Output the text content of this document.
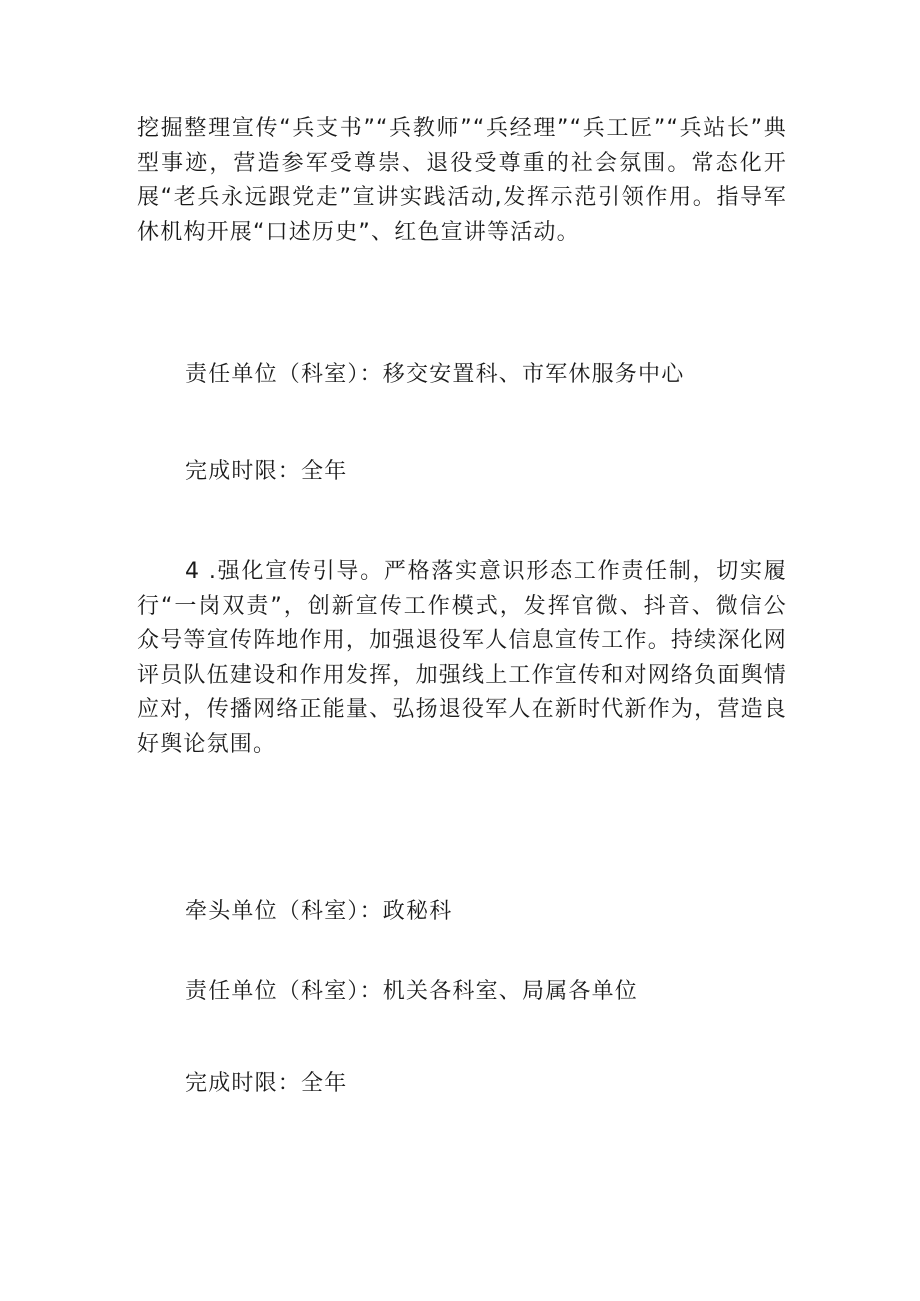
挖掘整理宣传“兵支书”“兵教师”“兵经理”“兵工匠”“兵站长”典型事迹，营造参军受尊崇、退役受尊重的社会氛围。常态化开展“老兵永远跟党走”宣讲实践活动,发挥示范引领作用。指导军休机构开展“口述历史”、红色宣讲等活动。

责任单位（科室）：移交安置科、市军休服务中心

完成时限：全年

4 .强化宣传引导。严格落实意识形态工作责任制，切实履行“一岗双责”，创新宣传工作模式，发挥官微、抖音、微信公众号等宣传阵地作用，加强退役军人信息宣传工作。持续深化网评员队伍建设和作用发挥，加强线上工作宣传和对网络负面舆情应对，传播网络正能量、弘扬退役军人在新时代新作为，营造良好舆论氛围。

牵头单位（科室）：政秘科

责任单位（科室）：机关各科室、局属各单位

完成时限：全年
